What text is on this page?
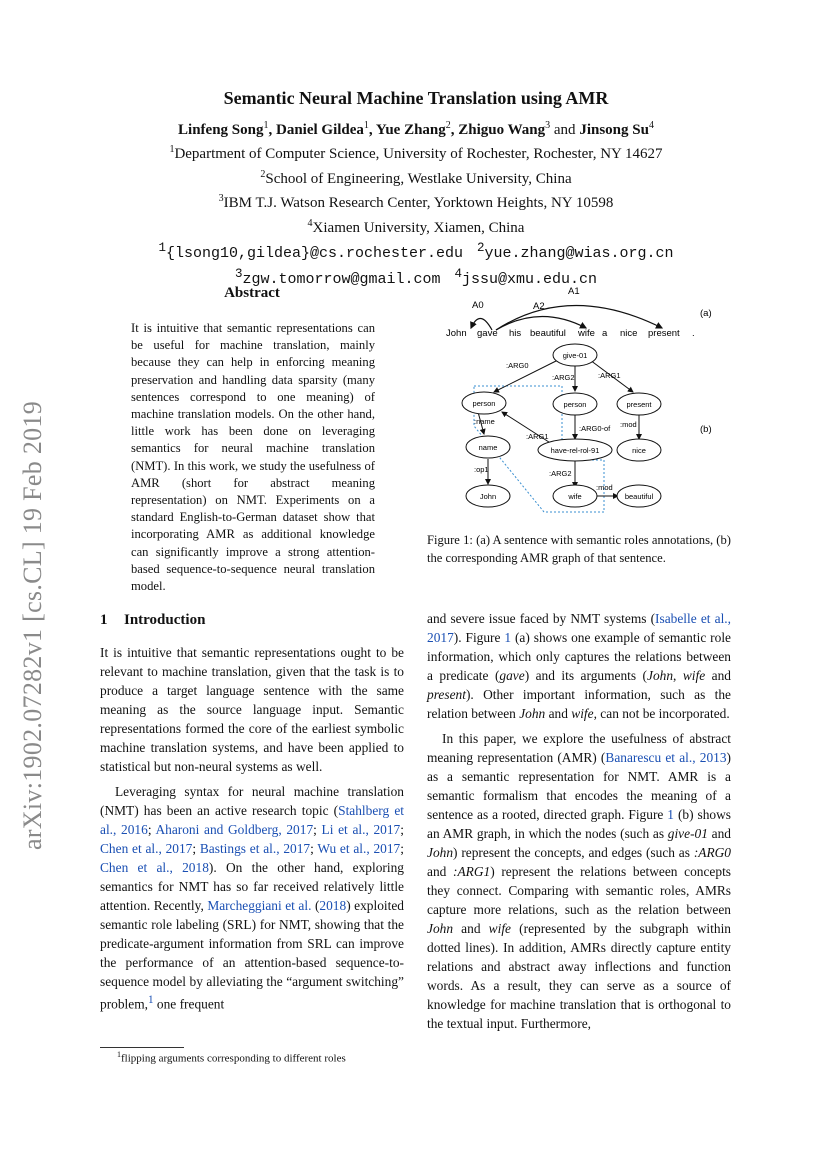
arXiv:1902.07282v1 [cs.CL] 19 Feb 2019
Semantic Neural Machine Translation using AMR
Linfeng Song$^1$, Daniel Gildea$^1$, Yue Zhang$^2$, Zhiguo Wang$^3$ and Jinsong Su$^4$
$^1$Department of Computer Science, University of Rochester, Rochester, NY 14627
$^2$School of Engineering, Westlake University, China
$^3$IBM T.J. Watson Research Center, Yorktown Heights, NY 10598
$^4$Xiamen University, Xiamen, China
$^1${lsong10,gildea}@cs.rochester.edu $^2$yue.zhang@wias.org.cn
$^3$zgw.tomorrow@gmail.com $^4$jssu@xmu.edu.cn
Abstract
It is intuitive that semantic representations can be useful for machine translation, mainly because they can help in enforcing meaning preservation and handling data sparsity (many sentences correspond to one meaning) of machine translation models. On the other hand, little work has been done on leveraging semantics for neural machine translation (NMT). In this work, we study the usefulness of AMR (short for abstract meaning representation) on NMT. Experiments on a standard English-to-German dataset show that incorporating AMR as additional knowledge can significantly improve a strong attention-based sequence-to-sequence neural translation model.
1 Introduction

It is intuitive that semantic representations ought to be relevant to machine translation, given that the task is to produce a target language sentence with the same meaning as the source language input. Semantic representations formed the core of the earliest symbolic machine translation systems, and have been applied to statistical but non-neural systems as well.

Leveraging syntax for neural machine translation (NMT) has been an active research topic (Stahlberg et al., 2016; Aharoni and Goldberg, 2017; Li et al., 2017; Chen et al., 2017; Bastings et al., 2017; Wu et al., 2017; Chen et al., 2018). On the other hand, exploring semantics for NMT has so far received relatively little attention. Recently, Marcheggiani et al. (2018) exploited semantic role labeling (SRL) for NMT, showing that the predicate-argument information from SRL can improve the performance of an attention-based sequence-to-sequence model by alleviating the “argument switching” problem,$^1$ one frequent

$^1$flipping arguments corresponding to different roles
A0
A1
A2
(a)
John gave his beautiful wife a nice present .
:ARG0
:ARG2	:ARG1
:name
:ARG0-of :mod
:op1
:ARG1
:ARG2
:mod
give-01
person	person	present
name	have-rel-rol-91	nice
John	wife	beautiful
(b)
Figure 1: (a) A sentence with semantic roles annotations, (b) the corresponding AMR graph of that sentence.

and severe issue faced by NMT systems (Isabelle et al., 2017). Figure 1 (a) shows one example of semantic role information, which only captures the relations between a predicate (gave) and its arguments (John, wife and present). Other important information, such as the relation between John and wife, can not be incorporated.

In this paper, we explore the usefulness of abstract meaning representation (AMR) (Banarescu et al., 2013) as a semantic representation for NMT. AMR is a semantic formalism that encodes the meaning of a sentence as a rooted, directed graph. Figure 1 (b) shows an AMR graph, in which the nodes (such as give-01 and John) represent the concepts, and edges (such as :ARG0 and :ARG1) represent the relations between concepts they connect. Comparing with semantic roles, AMRs capture more relations, such as the relation between John and wife (represented by the subgraph within dotted lines). In addition, AMRs directly capture entity relations and abstract away inflections and function words. As a result, they can serve as a source of knowledge for machine translation that is orthogonal to the textual input. Furthermore,
